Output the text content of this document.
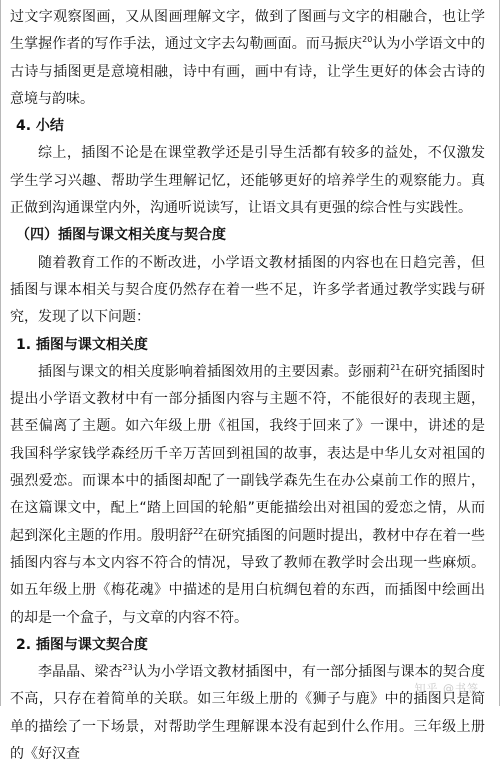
过文字观察图画，又从图画理解文字，做到了图画与文字的相融合，也让学生掌握作者的写作手法，通过文字去勾勒画面。而马振庆$^{20}$认为小学语文中的古诗与插图更是意境相融，诗中有画，画中有诗，让学生更好的体会古诗的意境与韵味。

4. 小结

综上，插图不论是在课堂教学还是引导生活都有较多的益处，不仅激发学生学习兴趣、帮助学生理解记忆，还能够更好的培养学生的观察能力。真正做到沟通课堂内外，沟通听说读写，让语文具有更强的综合性与实践性。

（四）插图与课文相关度与契合度

随着教育工作的不断改进，小学语文教材插图的内容也在日趋完善，但插图与课本相关与契合度仍然存在着一些不足，许多学者通过教学实践与研究，发现了以下问题：

1. 插图与课文相关度

插图与课文的相关度影响着插图效用的主要因素。彭丽莉$^{21}$在研究插图时提出小学语文教材中有一部分插图内容与主题不符，不能很好的表现主题，甚至偏离了主题。如六年级上册《祖国，我终于回来了》一课中，讲述的是我国科学家钱学森经历千辛万苦回到祖国的故事，表达是中华儿女对祖国的强烈爱恋。而课本中的插图却配了一副钱学森先生在办公桌前工作的照片，在这篇课文中，配上“踏上回国的轮船”更能描绘出对祖国的爱恋之情，从而起到深化主题的作用。殷明舒$^{22}$在研究插图的问题时提出，教材中存在着一些插图内容与本文内容不符合的情况，导致了教师在教学时会出现一些麻烦。如五年级上册《梅花魂》中描述的是用白杭绸包着的东西，而插图中绘画出的却是一个盒子，与文章的内容不符。

2. 插图与课文契合度

李晶晶、梁杏$^{23}$认为小学语文教材插图中，有一部分插图与课本的契合度不高，只存在着简单的关联。如三年级上册的《狮子与鹿》中的插图只是简单的描绘了一下场景，对帮助学生理解课本没有起到什么作用。三年级上册的《好汉查

知乎 @书签
